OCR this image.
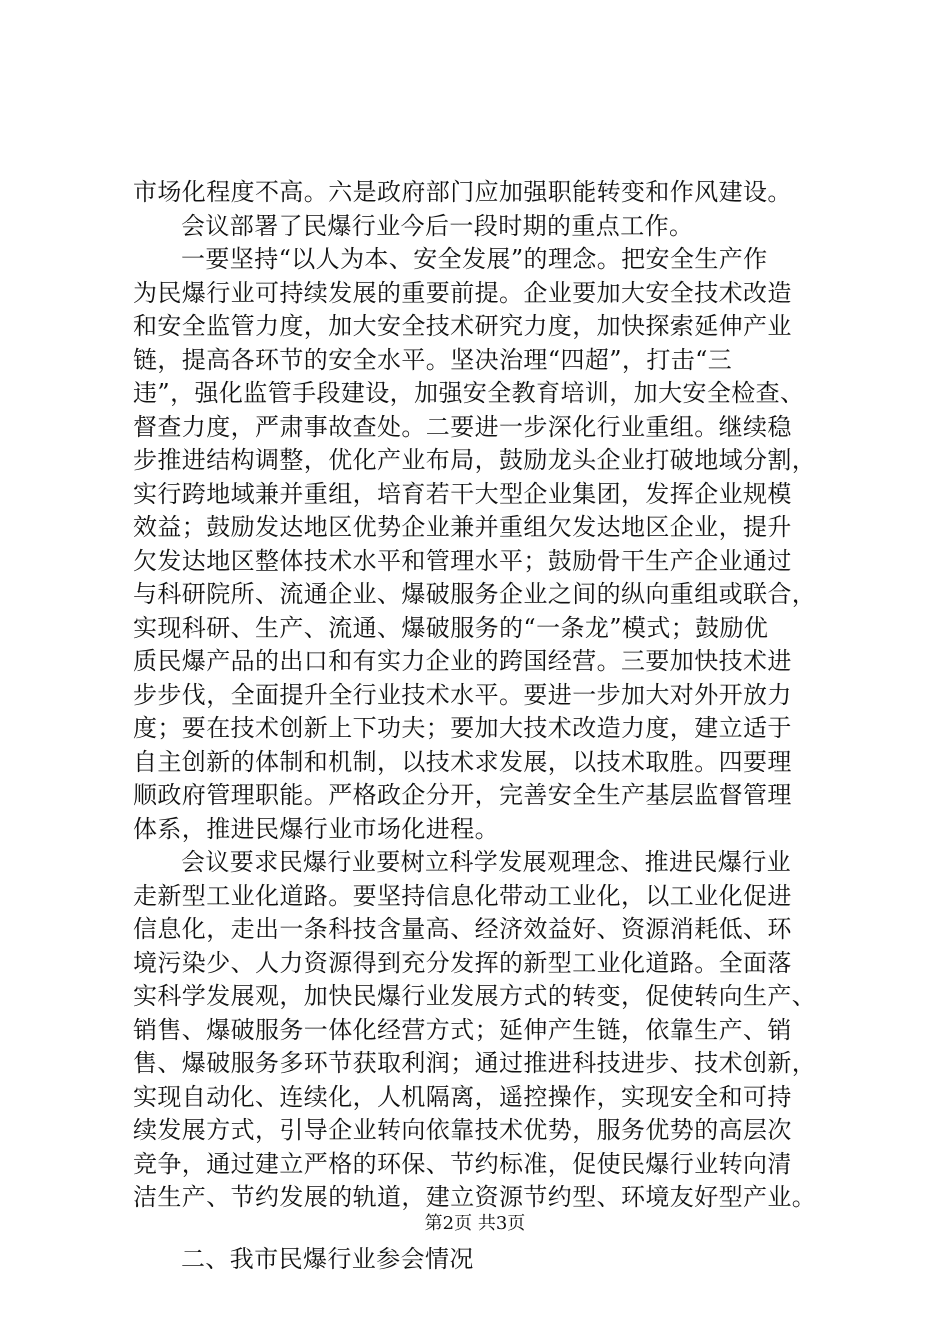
市场化程度不高。六是政府部门应加强职能转变和作风建设。
会议部署了民爆行业今后一段时期的重点工作。
一要坚持“以人为本、安全发展”的理念。把安全生产作
为民爆行业可持续发展的重要前提。企业要加大安全技术改造
和安全监管力度，加大安全技术研究力度，加快探索延伸产业
链，提高各环节的安全水平。坚决治理“四超”，打击“三
违”，强化监管手段建设，加强安全教育培训，加大安全检查、
督查力度，严肃事故查处。二要进一步深化行业重组。继续稳
步推进结构调整，优化产业布局，鼓励龙头企业打破地域分割，
实行跨地域兼并重组，培育若干大型企业集团，发挥企业规模
效益；鼓励发达地区优势企业兼并重组欠发达地区企业，提升
欠发达地区整体技术水平和管理水平；鼓励骨干生产企业通过
与科研院所、流通企业、爆破服务企业之间的纵向重组或联合，
实现科研、生产、流通、爆破服务的“一条龙”模式；鼓励优
质民爆产品的出口和有实力企业的跨国经营。三要加快技术进
步步伐，全面提升全行业技术水平。要进一步加大对外开放力
度；要在技术创新上下功夫；要加大技术改造力度，建立适于
自主创新的体制和机制，以技术求发展，以技术取胜。四要理
顺政府管理职能。严格政企分开，完善安全生产基层监督管理
体系，推进民爆行业市场化进程。
会议要求民爆行业要树立科学发展观理念、推进民爆行业
走新型工业化道路。要坚持信息化带动工业化，以工业化促进
信息化，走出一条科技含量高、经济效益好、资源消耗低、环
境污染少、人力资源得到充分发挥的新型工业化道路。全面落
实科学发展观，加快民爆行业发展方式的转变，促使转向生产、
销售、爆破服务一体化经营方式；延伸产生链，依靠生产、销
售、爆破服务多环节获取利润；通过推进科技进步、技术创新，
实现自动化、连续化，人机隔离，遥控操作，实现安全和可持
续发展方式，引导企业转向依靠技术优势，服务优势的高层次
竞争，通过建立严格的环保、节约标准，促使民爆行业转向清
洁生产、节约发展的轨道，建立资源节约型、环境友好型产业。
二、我市民爆行业参会情况
第2页 共3页
